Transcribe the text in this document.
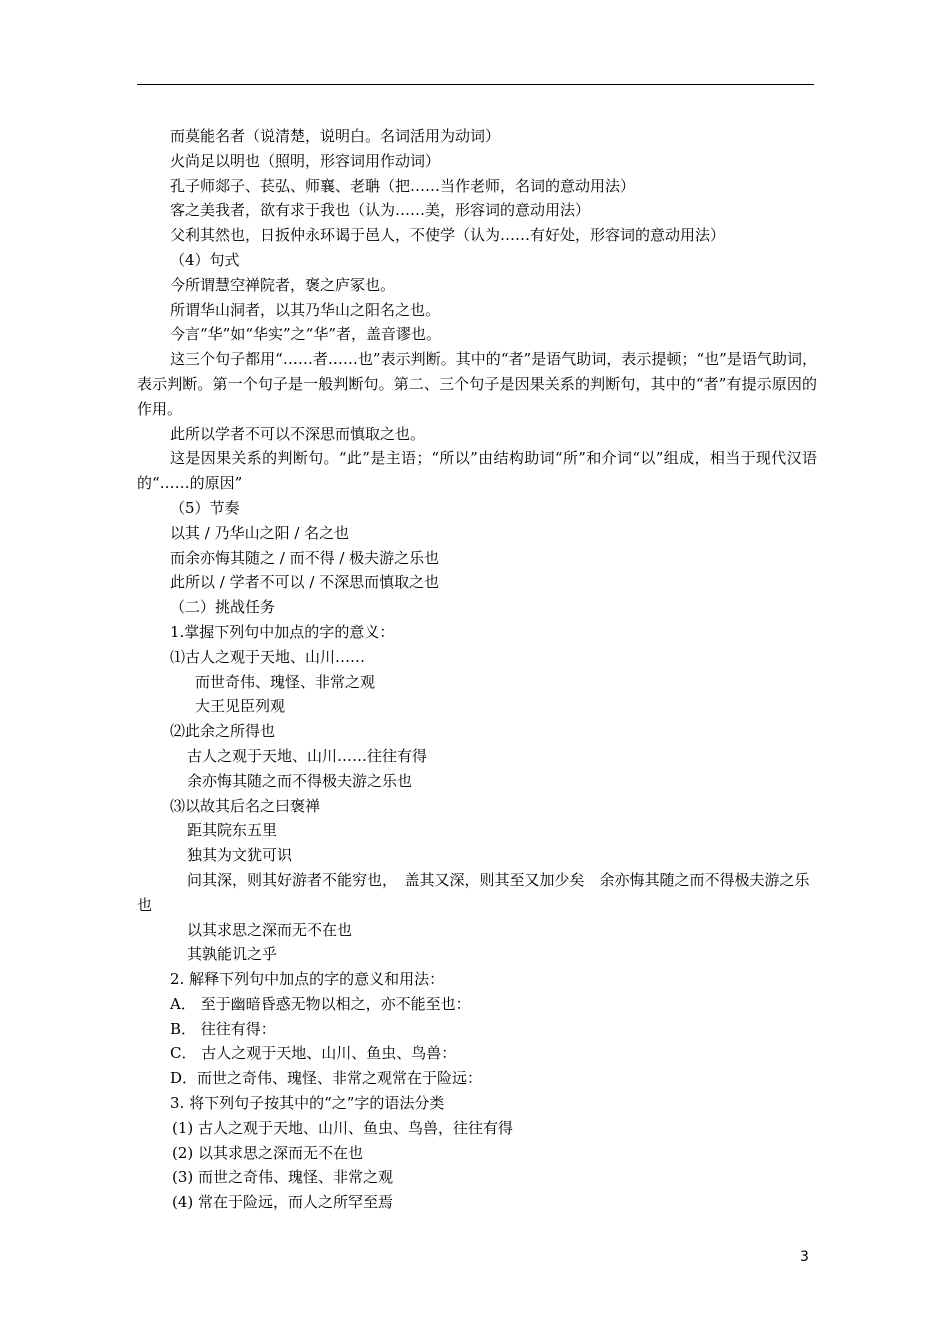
而莫能名者（说清楚，说明白。名词活用为动词）
火尚足以明也（照明，形容词用作动词）
孔子师郯子、苌弘、师襄、老聃（把……当作老师，名词的意动用法）
客之美我者，欲有求于我也（认为……美，形容词的意动用法）
父利其然也，日扳仲永环谒于邑人，不使学（认为……有好处，形容词的意动用法）
（4）句式
今所谓慧空禅院者，褒之庐冢也。
所谓华山洞者，以其乃华山之阳名之也。
今言“华”如“华实”之“华”者，盖音谬也。
这三个句子都用“……者……也”表示判断。其中的“者”是语气助词，表示提顿；“也”是语气助词，表示判断。第一个句子是一般判断句。第二、三个句子是因果关系的判断句，其中的“者”有提示原因的作用。
此所以学者不可以不深思而慎取之也。
这是因果关系的判断句。“此”是主语；“所以”由结构助词“所”和介词“以”组成，相当于现代汉语的“……的原因”
（5）节奏
以其 / 乃华山之阳 / 名之也
而余亦悔其随之 / 而不得 / 极夫游之乐也
此所以 / 学者不可以 / 不深思而慎取之也
（二）挑战任务
1.掌握下列句中加点的字的意义：
⑴古人之观于天地、山川……
而世奇伟、瑰怪、非常之观
大王见臣列观
⑵此余之所得也
古人之观于天地、山川……往往有得
余亦悔其随之而不得极夫游之乐也
⑶以故其后名之曰褒禅
距其院东五里
独其为文犹可识
问其深，则其好游者不能穷也，　盖其又深，则其至又加少矣　余亦悔其随之而不得极夫游之乐也
以其求思之深而无不在也
其孰能讥之乎
2. 解释下列句中加点的字的意义和用法：
A． 至于幽暗昏惑无物以相之，亦不能至也：
B． 往往有得：
C． 古人之观于天地、山川、鱼虫、鸟兽：
D．而世之奇伟、瑰怪、非常之观常在于险远：
3. 将下列句子按其中的“之”字的语法分类
(1) 古人之观于天地、山川、鱼虫、鸟兽，往往有得
(2) 以其求思之深而无不在也
(3) 而世之奇伟、瑰怪、非常之观
(4) 常在于险远，而人之所罕至焉
3
